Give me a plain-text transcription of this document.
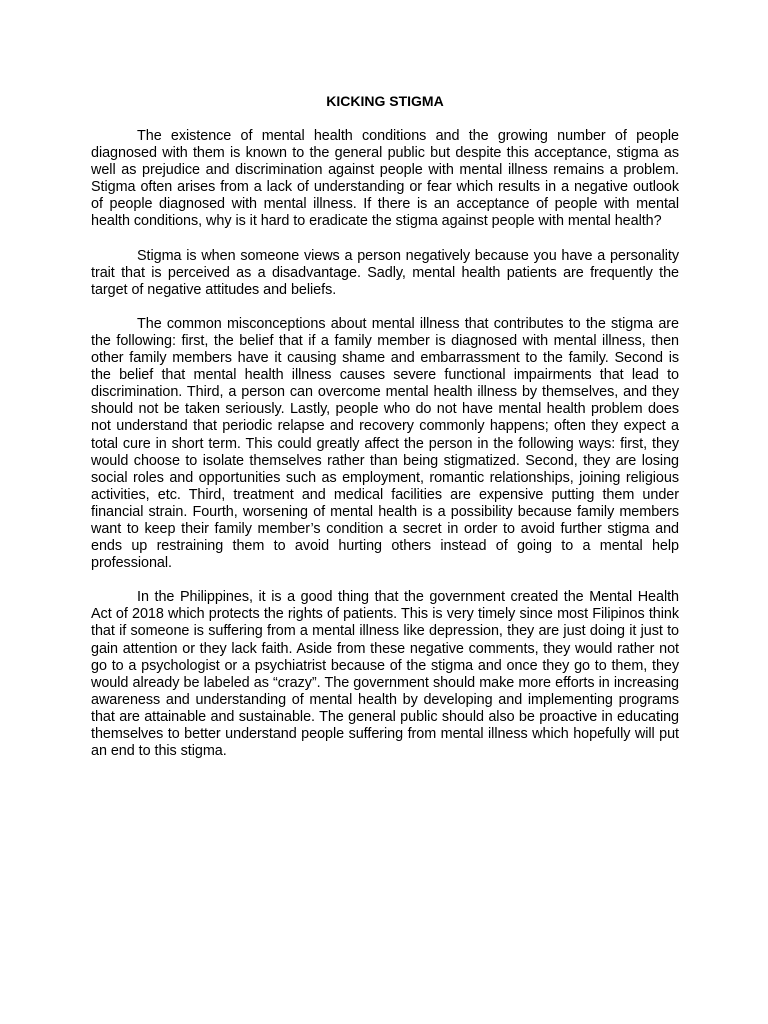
KICKING STIGMA

The existence of mental health conditions and the growing number of people diagnosed with them is known to the general public but despite this acceptance, stigma as well as prejudice and discrimination against people with mental illness remains a problem. Stigma often arises from a lack of understanding or fear which results in a negative outlook of people diagnosed with mental illness. If there is an acceptance of people with mental health conditions, why is it hard to eradicate the stigma against people with mental health?

Stigma is when someone views a person negatively because you have a personality trait that is perceived as a disadvantage. Sadly, mental health patients are frequently the target of negative attitudes and beliefs.

The common misconceptions about mental illness that contributes to the stigma are the following: first, the belief that if a family member is diagnosed with mental illness, then other family members have it causing shame and embarrassment to the family. Second is the belief that mental health illness causes severe functional impairments that lead to discrimination. Third, a person can overcome mental health illness by themselves, and they should not be taken seriously. Lastly, people who do not have mental health problem does not understand that periodic relapse and recovery commonly happens; often they expect a total cure in short term. This could greatly affect the person in the following ways: first, they would choose to isolate themselves rather than being stigmatized. Second, they are losing social roles and opportunities such as employment, romantic relationships, joining religious activities, etc. Third, treatment and medical facilities are expensive putting them under financial strain. Fourth, worsening of mental health is a possibility because family members want to keep their family member’s condition a secret in order to avoid further stigma and ends up restraining them to avoid hurting others instead of going to a mental help professional.

In the Philippines, it is a good thing that the government created the Mental Health Act of 2018 which protects the rights of patients. This is very timely since most Filipinos think that if someone is suffering from a mental illness like depression, they are just doing it just to gain attention or they lack faith. Aside from these negative comments, they would rather not go to a psychologist or a psychiatrist because of the stigma and once they go to them, they would already be labeled as “crazy”. The government should make more efforts in increasing awareness and understanding of mental health by developing and implementing programs that are attainable and sustainable. The general public should also be proactive in educating themselves to better understand people suffering from mental illness which hopefully will put an end to this stigma.
